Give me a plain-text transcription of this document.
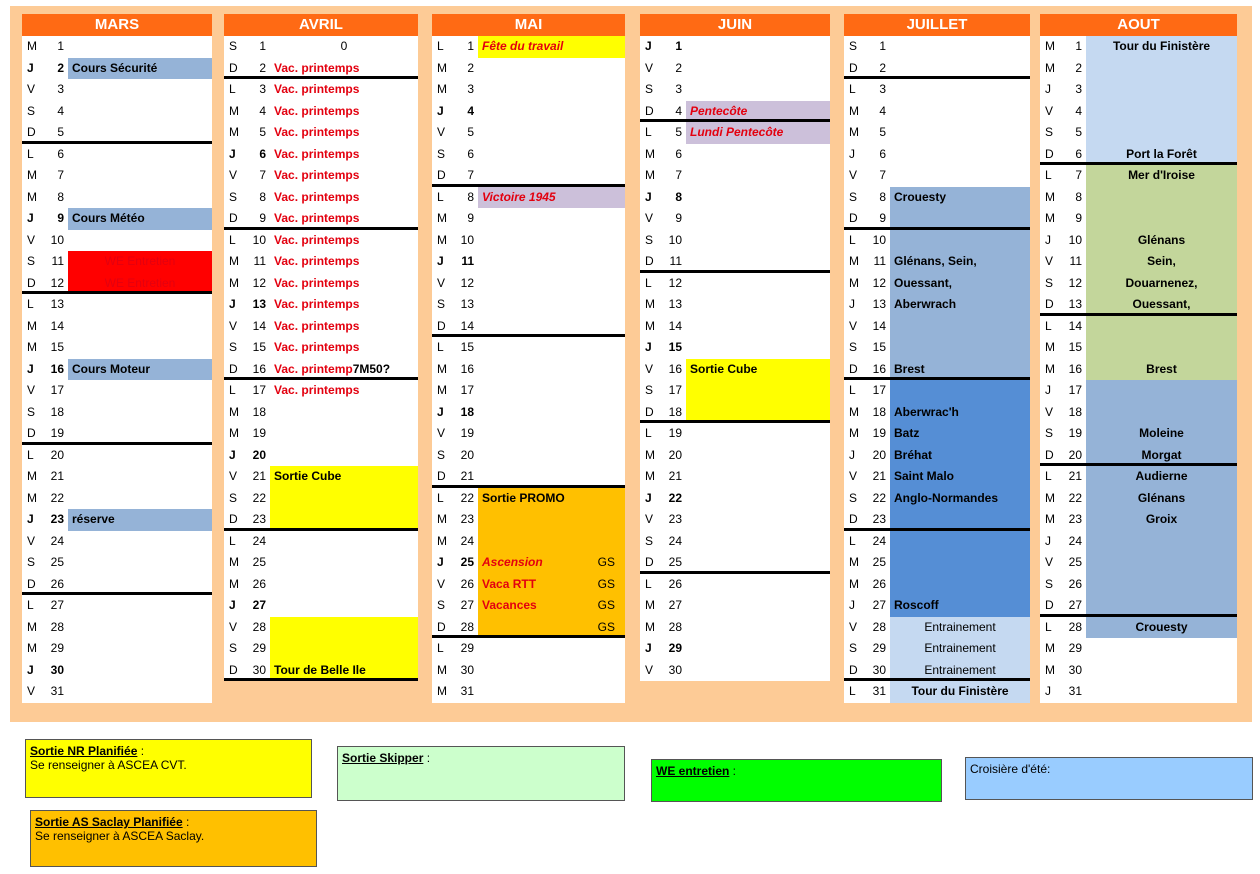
MARS
M	1
J	2 Cours Sécurité
V	3
S	4
D	5
L	6
M	7
M	8
J	9 Cours Météo
V	10
S	11	WE Entretien
D	12	WE Entretien
L	13
M	14
M	15
J	16 Cours Moteur
V	17
S	18
D	19
L	20
M	21
M	22
J	23 réserve
V	24
S	25
D	26
L	27
M	28
M	29
J	30
V	31
AVRIL
S	1	0
D	2 Vac. printemps
L	3 Vac. printemps
M	4 Vac. printemps
M	5 Vac. printemps
J	6 Vac. printemps
V	7 Vac. printemps
S	8 Vac. printemps
D	9 Vac. printemps
L	10 Vac. printemps
M	11 Vac. printemps
M	12 Vac. printemps
J	13 Vac. printemps
V	14 Vac. printemps
S	15 Vac. printemps
D	16 Vac. printemp7M50?
L	17 Vac. printemps
M	18
M	19
J	20
V	21 Sortie Cube
S	22
D	23
L	24
M	25
M	26
J	27
V	28
S	29
D	30 Tour de Belle Ile
MAI
L	1 Fête du travail
M	2
M	3
J	4
V	5
S	6
D	7
L	8 Victoire 1945
M	9
M	10
J	11
V	12
S	13
D	14
L	15
M	16
M	17
J	18
V	19
S	20
D	21
L	22 Sortie PROMO
M	23
M	24
J	25 Ascension	GS
V	26 Vaca RTT	GS
S	27 Vacances	GS
D	28	GS
L	29
M	30
M	31
JUIN
J	1
V	2
S	3
D	4 Pentecôte
L	5 Lundi Pentecôte
M	6
M	7
J	8
V	9
S	10
D	11
L	12
M	13
M	14
J	15
V	16 Sortie Cube
S	17
D	18
L	19
M	20
M	21
J	22
V	23
S	24
D	25
L	26
M	27
M	28
J	29
V	30
JUILLET
S	1
D	2
L	3
M	4
M	5
J	6
V	7
S	8 Crouesty
D	9
L	10
M	11 Glénans, Sein,
M	12 Ouessant,
J	13 Aberwrach
V	14
S	15
D	16 Brest
L	17
M	18 Aberwrac'h
M	19 Batz
J	20 Bréhat
V	21 Saint Malo
S	22 Anglo-Normandes
D	23
L	24
M	25
M	26
J	27 Roscoff
V	28	Entrainement
S	29	Entrainement
D	30	Entrainement
L	31	Tour du Finistère
AOUT
M	1	Tour du Finistère
M	2
J	3
V	4
S	5
D	6	Port la Forêt
L	7	Mer d'Iroise
M	8
M	9
J	10	Glénans
V	11	Sein,
S	12	Douarnenez,
D	13	Ouessant,
L	14
M	15
M	16	Brest
J	17
V	18
S	19	Moleine
D	20	Morgat
L	21	Audierne
M	22	Glénans
M	23	Groix
J	24
V	25
S	26
D	27
L	28	Crouesty
M	29
M	30
J	31
Sortie NR Planifiée :
Se renseigner à ASCEA CVT.	Sortie Skipper :
WE entretien :	Croisière d'été:
Sortie AS Saclay Planifiée :
Se renseigner à ASCEA Saclay.
